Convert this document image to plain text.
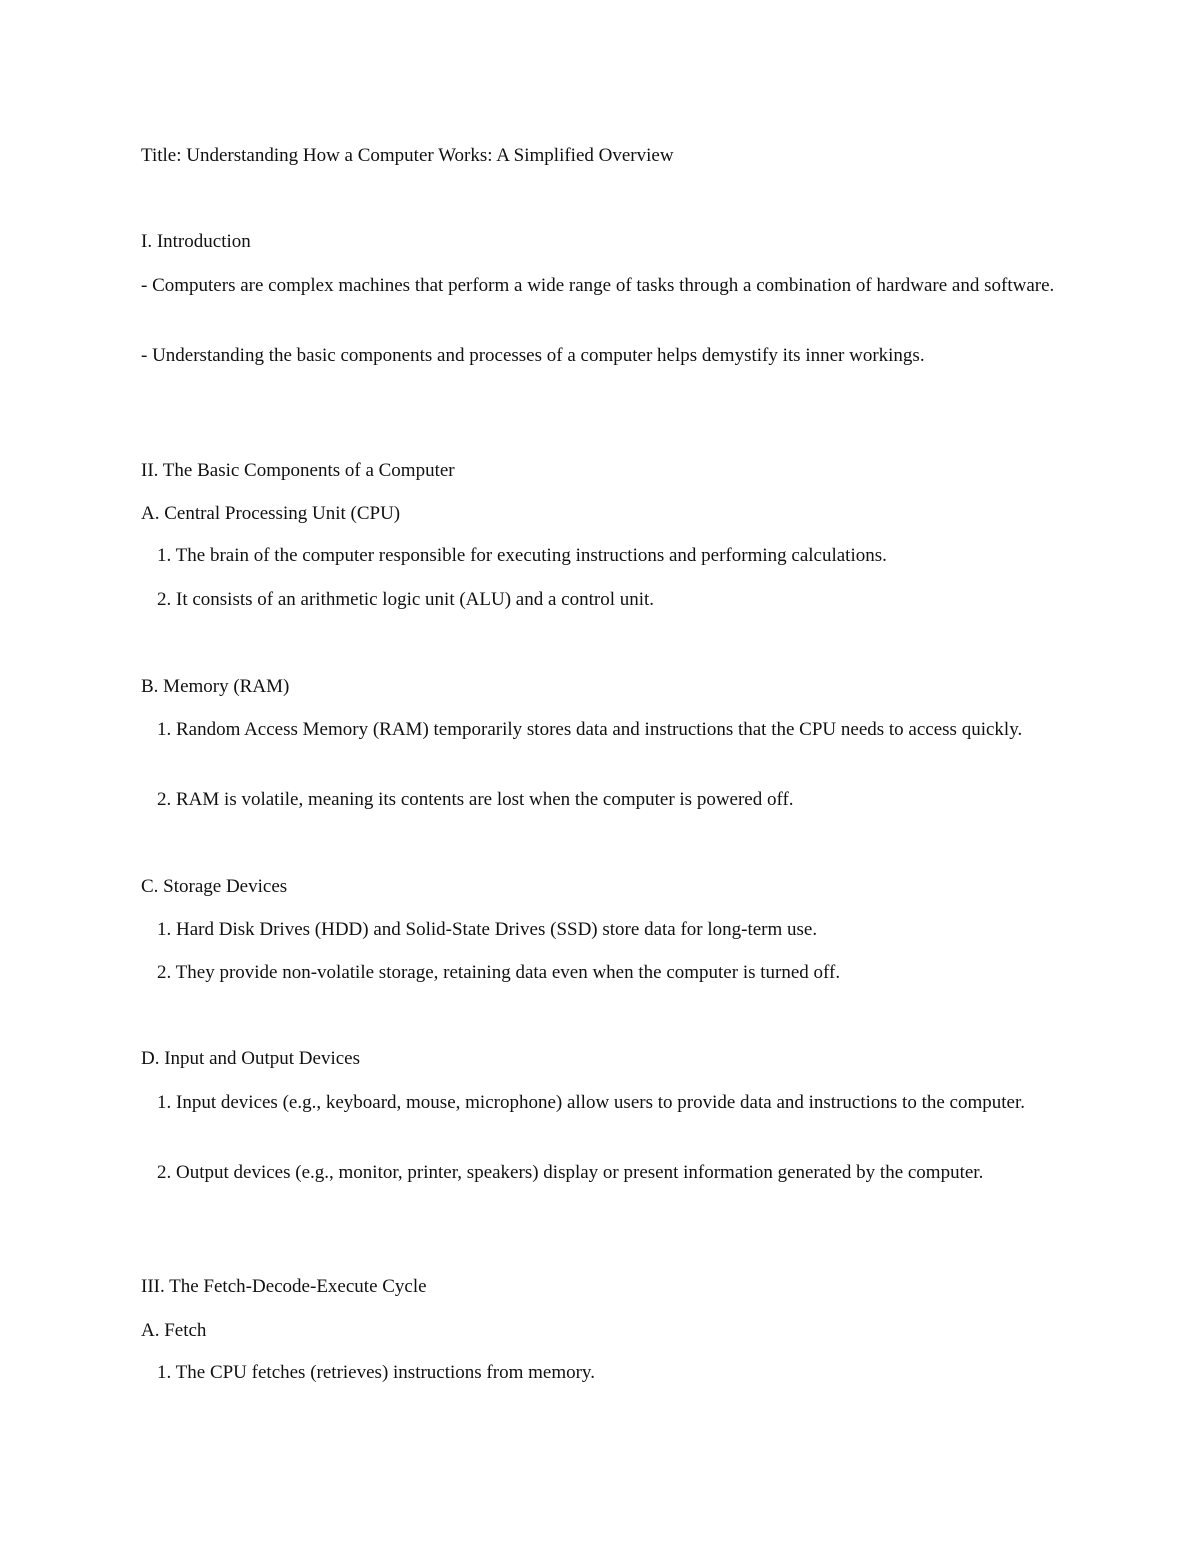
Title: Understanding How a Computer Works: A Simplified Overview

I. Introduction

- Computers are complex machines that perform a wide range of tasks through a combination of hardware and software.

- Understanding the basic components and processes of a computer helps demystify its inner workings.

II. The Basic Components of a Computer

A. Central Processing Unit (CPU)

1. The brain of the computer responsible for executing instructions and performing calculations.

2. It consists of an arithmetic logic unit (ALU) and a control unit.

B. Memory (RAM)

1. Random Access Memory (RAM) temporarily stores data and instructions that the CPU needs to access quickly.

2. RAM is volatile, meaning its contents are lost when the computer is powered off.

C. Storage Devices

1. Hard Disk Drives (HDD) and Solid-State Drives (SSD) store data for long-term use.

2. They provide non-volatile storage, retaining data even when the computer is turned off.

D. Input and Output Devices

1. Input devices (e.g., keyboard, mouse, microphone) allow users to provide data and instructions to the computer.

2. Output devices (e.g., monitor, printer, speakers) display or present information generated by the computer.

III. The Fetch-Decode-Execute Cycle

A. Fetch

1. The CPU fetches (retrieves) instructions from memory.
